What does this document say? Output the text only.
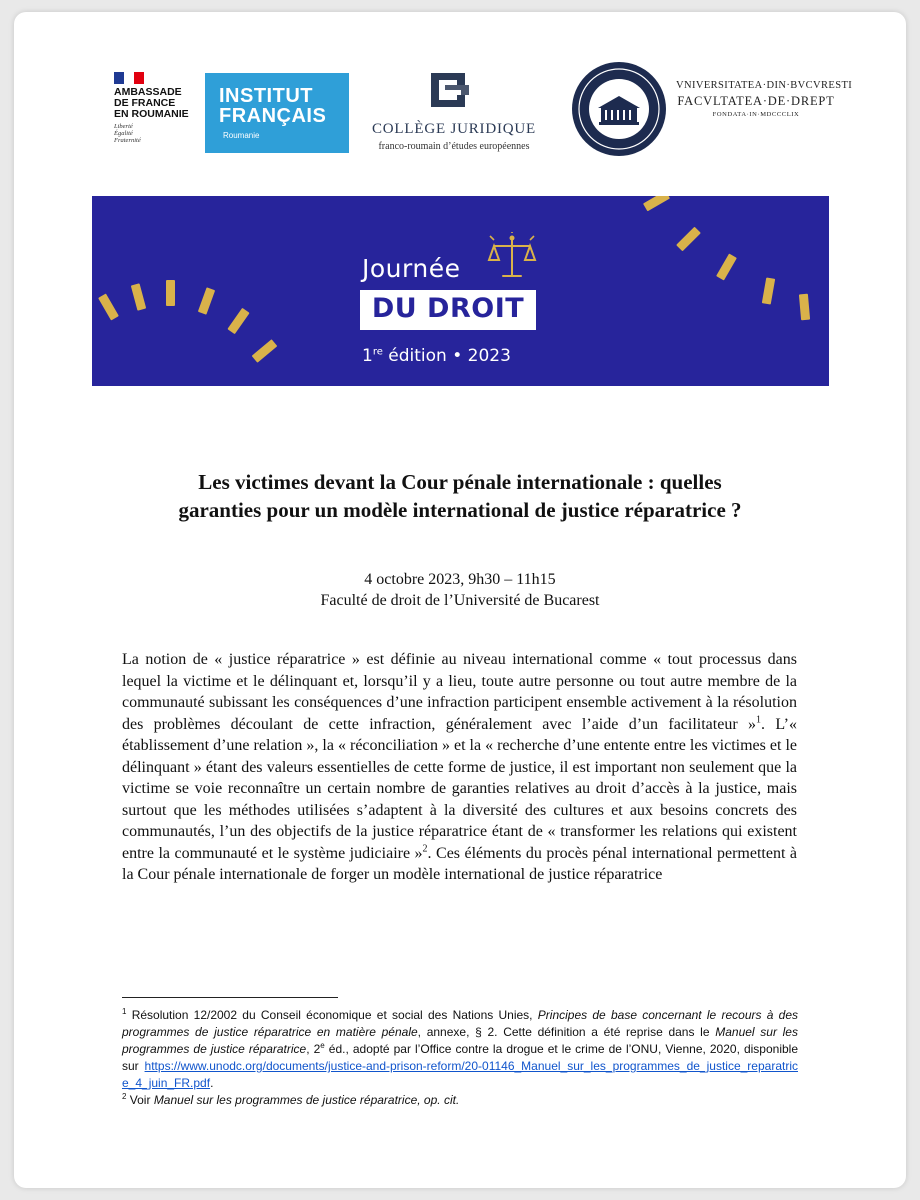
AMBASSADE
DE FRANCE
EN ROUMANIE
Liberté
Égalité
Fraternité
INSTITUT
FRANÇAIS
Roumanie	COLLÈGE JURIDIQUE
franco-roumain d’études européennes
VNIVERSITATEA·DIN·BVCVRESTI
FACVLTATEA·DE·DREPT
FONDATA·IN·MDCCCLIX
Journée
DU DROIT
1re édition • 2023
Les victimes devant la Cour pénale internationale : quelles
garanties pour un modèle international de justice réparatrice ?
4 octobre 2023, 9h30 – 11h15
Faculté de droit de l’Université de Bucarest
La notion de « justice réparatrice » est définie au niveau international comme « tout processus dans lequel la victime et le délinquant et, lorsqu’il y a lieu, toute autre personne ou tout autre membre de la communauté subissant les conséquences d’une infraction participent ensemble activement à la résolution des problèmes découlant de cette infraction, généralement avec l’aide d’un facilitateur »$^1$. L’« établissement d’une relation », la « réconciliation » et la « recherche d’une entente entre les victimes et le délinquant » étant des valeurs essentielles de cette forme de justice, il est important non seulement que la victime se voie reconnaître un certain nombre de garanties relatives au droit d’accès à la justice, mais surtout que les méthodes utilisées s’adaptent à la diversité des cultures et aux besoins concrets des communautés, l’un des objectifs de la justice réparatrice étant de « transformer les relations qui existent entre la communauté et le système judiciaire »$^2$. Ces éléments du procès pénal international permettent à la Cour pénale internationale de forger un modèle international de justice réparatrice

$^1$ Résolution 12/2002 du Conseil économique et social des Nations Unies, Principes de base concernant le recours à des programmes de justice réparatrice en matière pénale, annexe, § 2. Cette définition a été reprise dans le Manuel sur les programmes de justice réparatrice, 2e éd., adopté par l’Office contre la drogue et le crime de l’ONU, Vienne, 2020, disponible sur https://www.unodc.org/documents/justice-and-prison-reform/20-01146_Manuel_sur_les_programmes_de_justice_reparatrice_4_juin_FR.pdf.

$^2$ Voir Manuel sur les programmes de justice réparatrice, op. cit.
